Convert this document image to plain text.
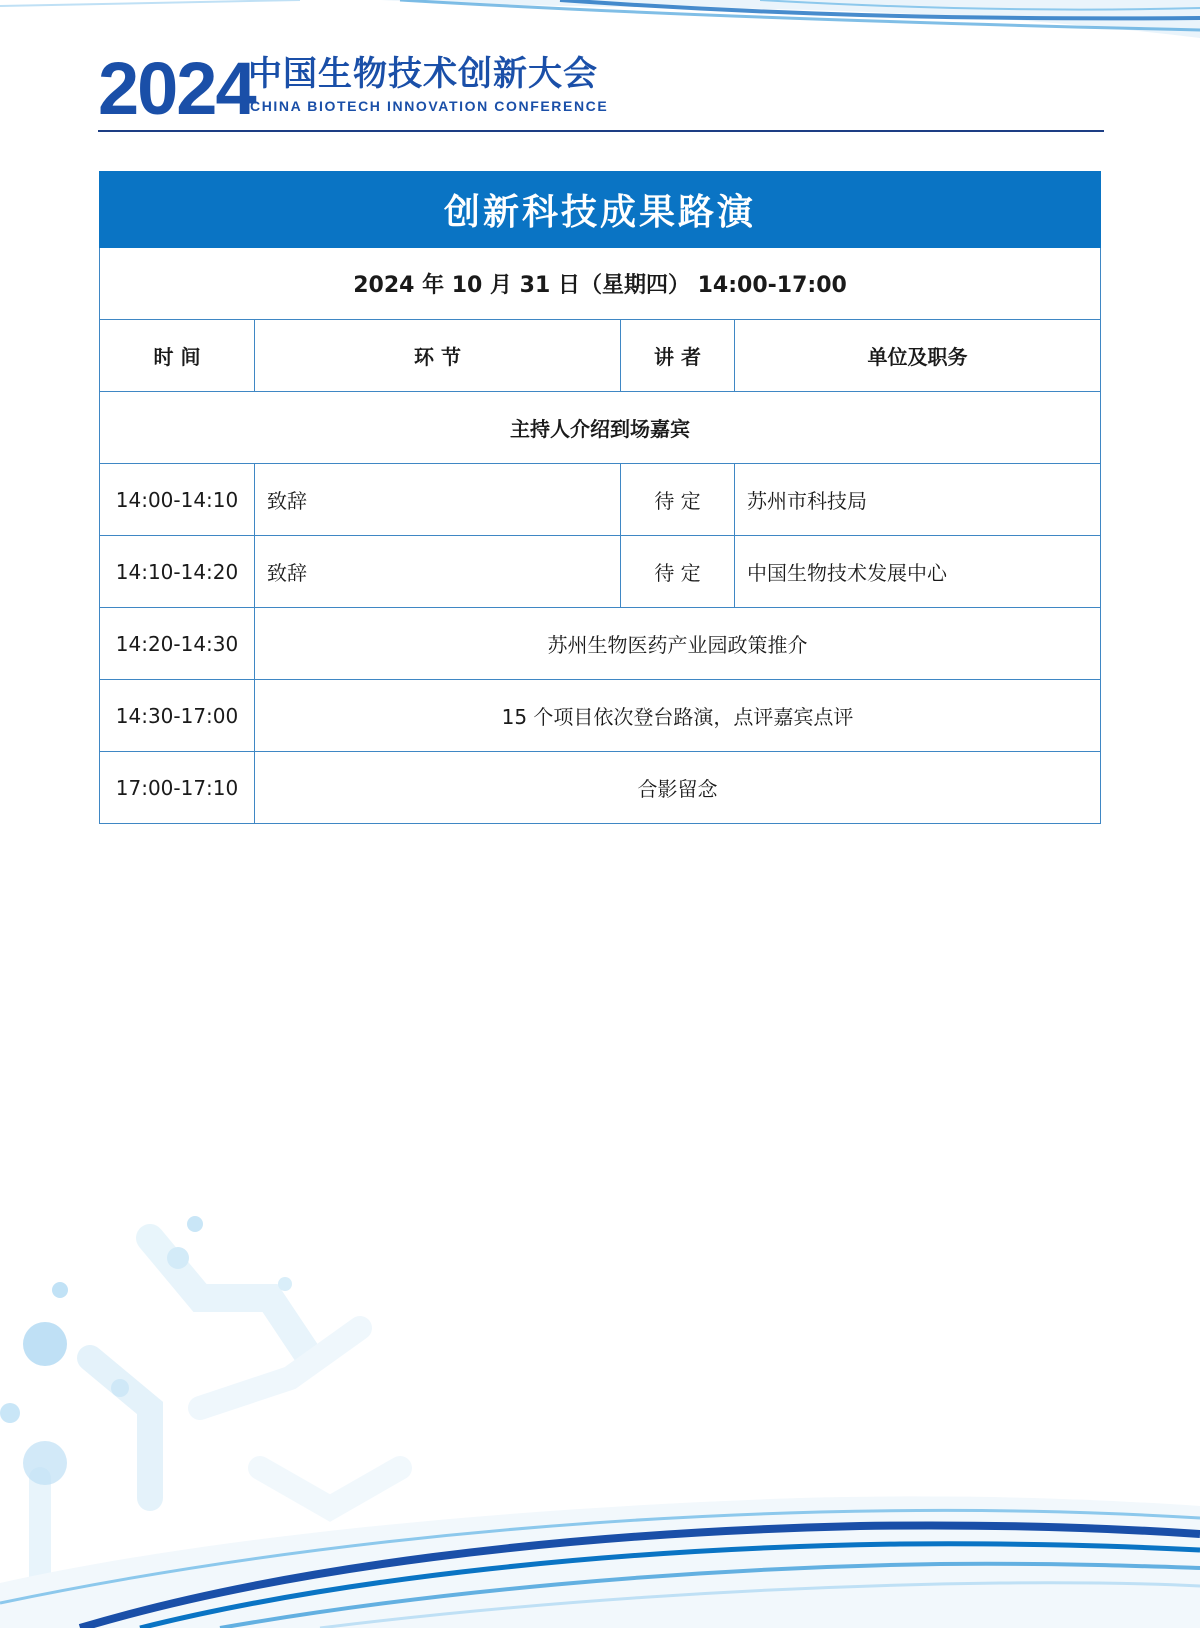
2024
中国生物技术创新大会
CHINA BIOTECH INNOVATION CONFERENCE
创新科技成果路演			
2024 年 10 月 31 日（星期四） 14:00-17:00			
时 间	环 节	讲 者	单位及职务
主持人介绍到场嘉宾			
14:00-14:10	致辞	待 定	苏州市科技局
14:10-14:20	致辞	待 定	中国生物技术发展中心
14:20-14:30	苏州生物医药产业园政策推介		
14:30-17:00	15 个项目依次登台路演，点评嘉宾点评		
17:00-17:10	合影留念		
